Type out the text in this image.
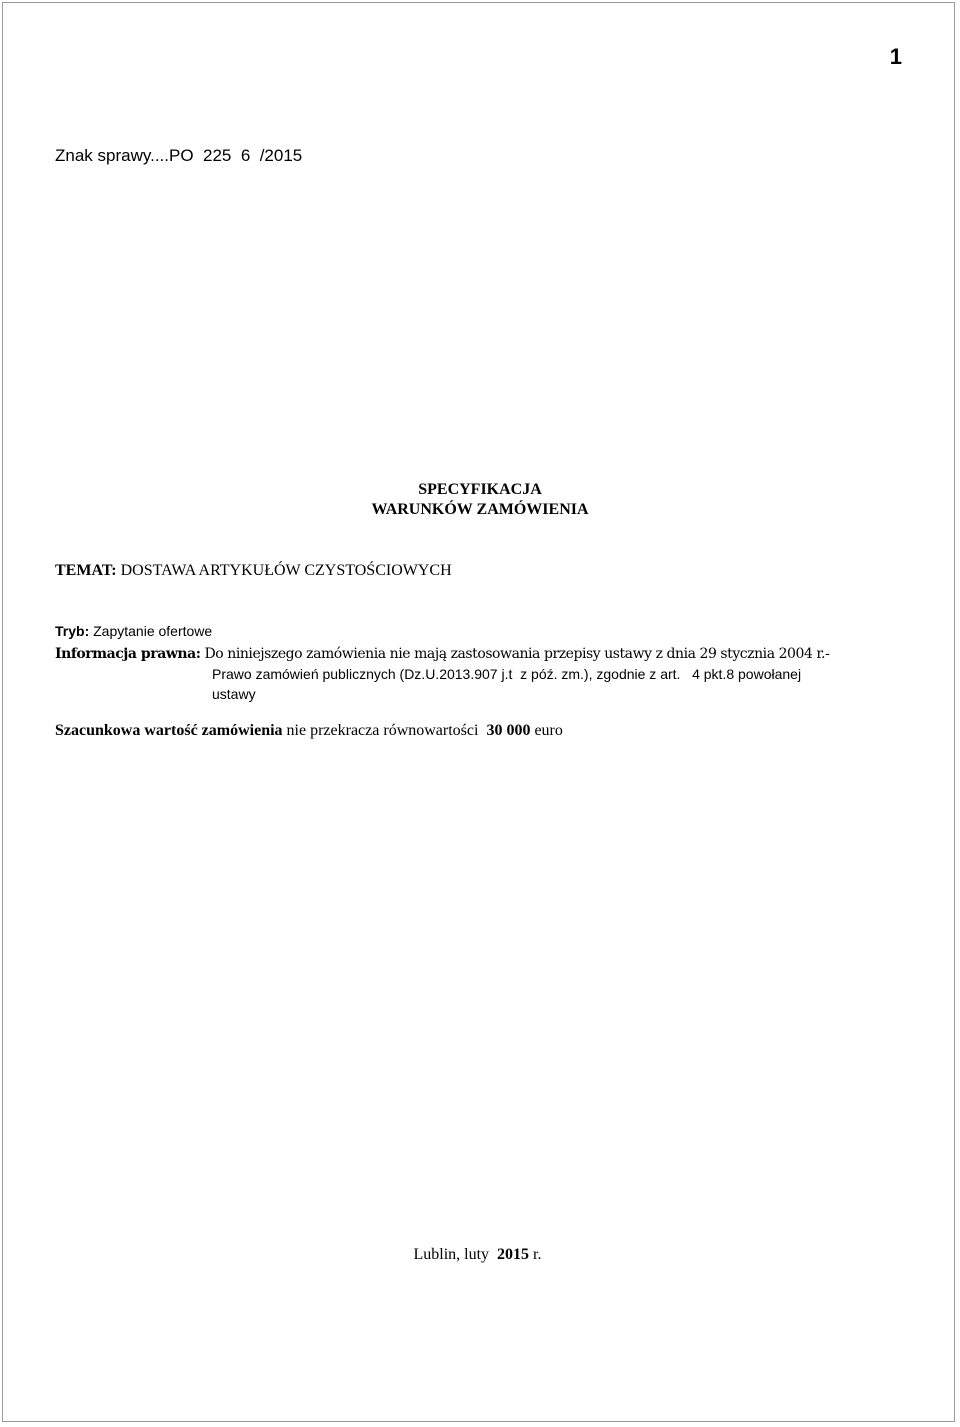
1
Znak sprawy....PO  225  6  /2015
SPECYFIKACJA
WARUNKÓW ZAMÓWIENIA
TEMAT: DOSTAWA ARTYKUŁÓW CZYSTOŚCIOWYCH
Tryb: Zapytanie ofertowe
Informacja prawna: Do niniejszego zamówienia nie mają zastosowania przepisy ustawy z dnia 29 stycznia 2004 r.-
Prawo zamówień publicznych (Dz.U.2013.907 j.t  z póź. zm.), zgodnie z art.   4 pkt.8 powołanej
ustawy
Szacunkowa wartość zamówienia nie przekracza równowartości  30 000 euro
Lublin, luty  2015 r.
